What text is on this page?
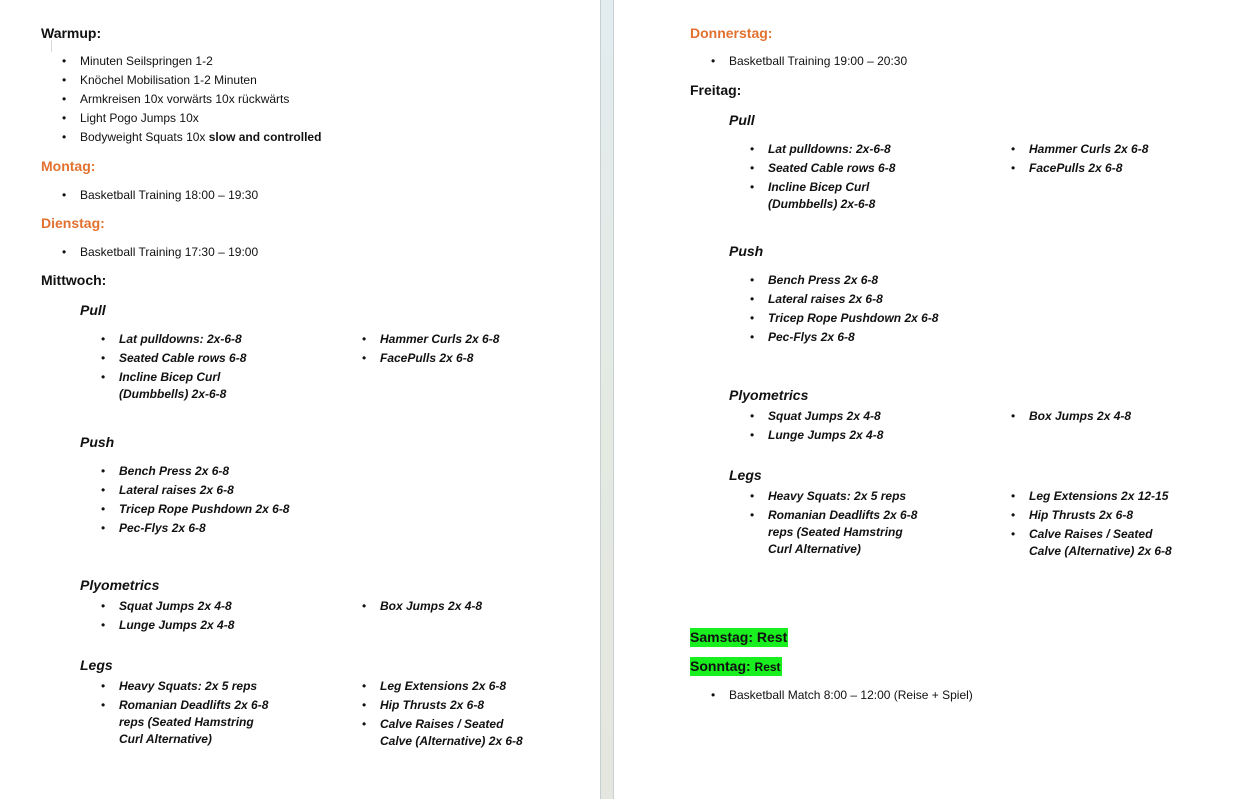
Warmup:
• Minuten Seilspringen 1-2
• Knöchel Mobilisation 1-2 Minuten
• Armkreisen 10x vorwärts 10x rückwärts
• Light Pogo Jumps 10x
• Bodyweight Squats 10x slow and controlled
Montag:
• Basketball Training 18:00 – 19:30
Dienstag:
• Basketball Training 17:30 – 19:00
Mittwoch:
Pull
• Lat pulldowns: 2x-6-8
• Seated Cable rows 6-8
• Incline Bicep Curl (Dumbbells) 2x-6-8
• Hammer Curls 2x 6-8
• FacePulls 2x 6-8
Push
• Bench Press 2x 6-8
• Lateral raises 2x 6-8
• Tricep Rope Pushdown 2x 6-8
• Pec-Flys 2x 6-8
Plyometrics
• Squat Jumps 2x 4-8
• Lunge Jumps 2x 4-8
• Box Jumps 2x 4-8
Legs
• Heavy Squats: 2x 5 reps
• Romanian Deadlifts 2x 6-8 reps (Seated Hamstring Curl Alternative)
• Leg Extensions 2x 6-8
• Hip Thrusts 2x 6-8
• Calve Raises / Seated Calve (Alternative) 2x 6-8
Donnerstag:
• Basketball Training 19:00 – 20:30
Freitag:
Pull
• Lat pulldowns: 2x-6-8
• Seated Cable rows 6-8
• Incline Bicep Curl (Dumbbells) 2x-6-8
• Hammer Curls 2x 6-8
• FacePulls 2x 6-8
Push
• Bench Press 2x 6-8
• Lateral raises 2x 6-8
• Tricep Rope Pushdown 2x 6-8
• Pec-Flys 2x 6-8
Plyometrics
• Squat Jumps 2x 4-8
• Lunge Jumps 2x 4-8
• Box Jumps 2x 4-8
Legs
• Heavy Squats: 2x 5 reps
• Romanian Deadlifts 2x 6-8 reps (Seated Hamstring Curl Alternative)
• Leg Extensions 2x 12-15
• Hip Thrusts 2x 6-8
• Calve Raises / Seated Calve (Alternative) 2x 6-8
Samstag: Rest
Sonntag: Rest
• Basketball Match 8:00 – 12:00 (Reise + Spiel)
